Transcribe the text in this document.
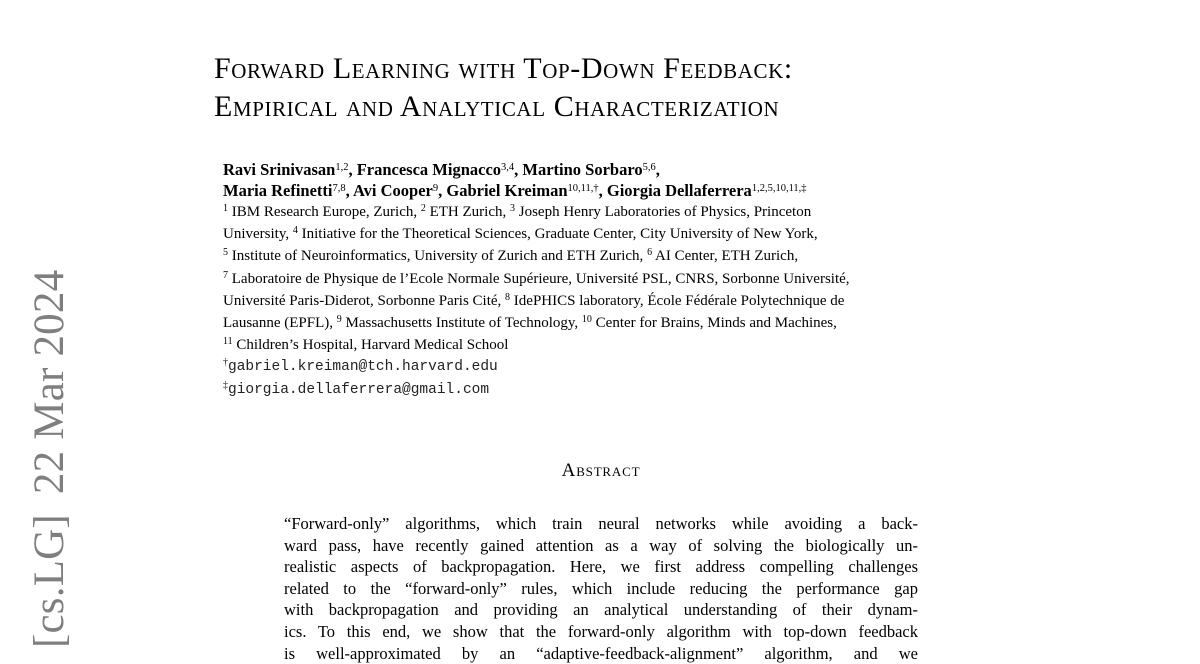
[cs.LG]22 Mar 2024
Forward Learning with Top-Down Feedback:
Empirical and Analytical Characterization
Ravi Srinivasan$^{1,2}$, Francesca Mignacco$^{3,4}$, Martino Sorbaro$^{5,6}$,
Maria Refinetti$^{7,8}$, Avi Cooper$^9$, Gabriel Kreiman$^{10,11,\dagger}$, Giorgia Dellaferrera$^{1,2,5,10,11,\ddagger}$
$^1$ IBM Research Europe, Zurich, $^2$ ETH Zurich, $^3$ Joseph Henry Laboratories of Physics, Princeton
University, $^4$ Initiative for the Theoretical Sciences, Graduate Center, City University of New York,
$^5$ Institute of Neuroinformatics, University of Zurich and ETH Zurich, $^6$ AI Center, ETH Zurich,
$^7$ Laboratoire de Physique de l’Ecole Normale Supérieure, Université PSL, CNRS, Sorbonne Université,
Université Paris-Diderot, Sorbonne Paris Cité, $^8$ IdePHICS laboratory, École Fédérale Polytechnique de
Lausanne (EPFL), $^9$ Massachusetts Institute of Technology, $^{10}$ Center for Brains, Minds and Machines,
$^{11}$ Children’s Hospital, Harvard Medical School
†gabriel.kreiman@tch.harvard.edu
‡giorgia.dellaferrera@gmail.com
Abstract
“Forward-only” algorithms, which train neural networks while avoiding a back-
ward pass, have recently gained attention as a way of solving the biologically un-
realistic aspects of backpropagation. Here, we first address compelling challenges
related to the “forward-only” rules, which include reducing the performance gap
with backpropagation and providing an analytical understanding of their dynam-
ics. To this end, we show that the forward-only algorithm with top-down feedback
is well-approximated by an “adaptive-feedback-alignment” algorithm, and we
